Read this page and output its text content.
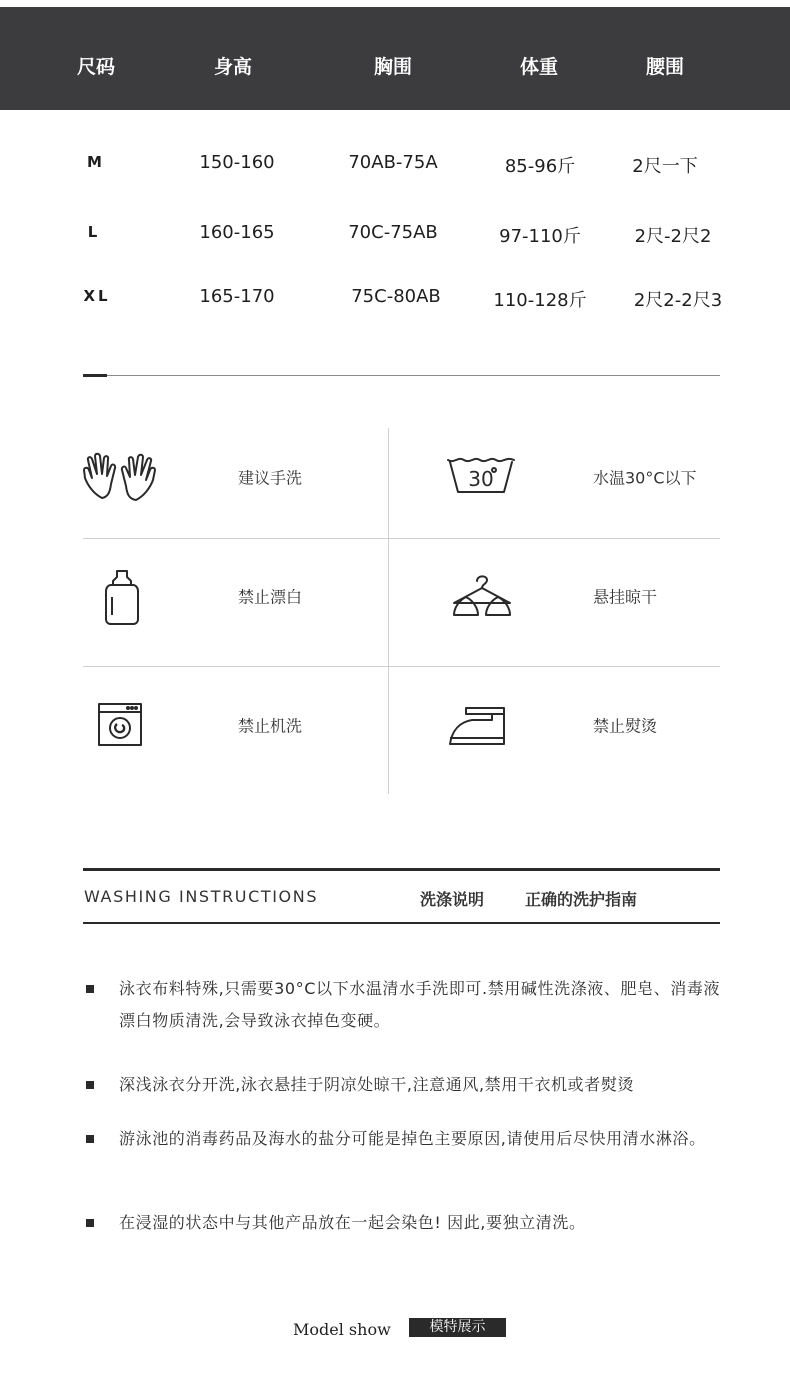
尺码	身高	胸围	体重	腰围
M	150-160	70AB-75A	85-96斤	2尺一下
L	160-165	70C-75AB	97-110斤	2尺-2尺2
XL	165-170	75C-80AB	110-128斤	2尺2-2尺3
建议手洗	30	水温30°C以下
禁止漂白	悬挂晾干
禁止机洗	禁止熨烫
WASHING INSTRUCTIONS	洗涤说明	正确的洗护指南
泳衣布料特殊,只需要30°C以下水温清水手洗即可.禁用碱性洗涤液、肥皂、消毒液漂白物质清洗,会导致泳衣掉色变硬。
深浅泳衣分开洗,泳衣悬挂于阴凉处晾干,注意通风,禁用干衣机或者熨烫
游泳池的消毒药品及海水的盐分可能是掉色主要原因,请使用后尽快用清水淋浴。
在浸湿的状态中与其他产品放在一起会染色! 因此,要独立清洗。
Model show	模特展示
